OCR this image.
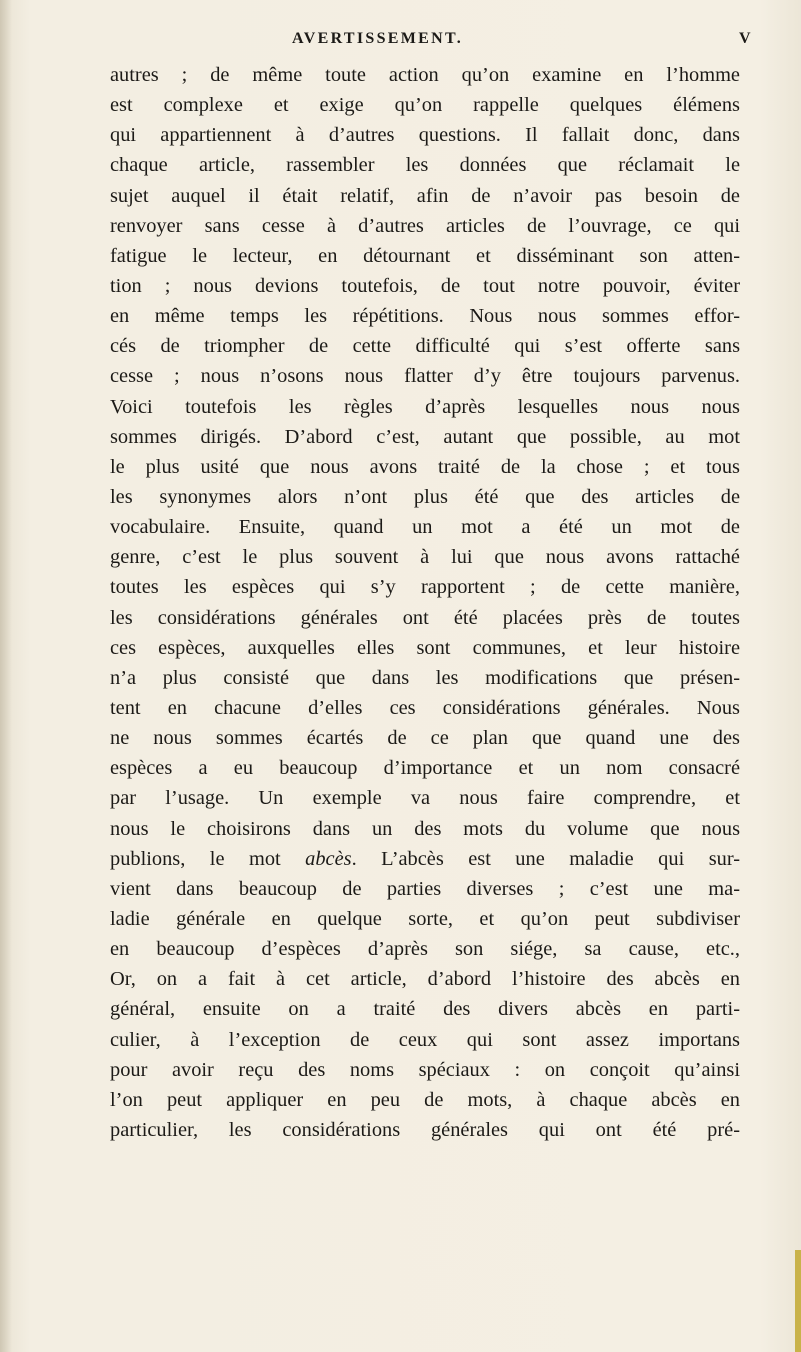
AVERTISSEMENT.	V
autres ; de même toute action qu’on examine en l’homme
est complexe et exige qu’on rappelle quelques élémens
qui appartiennent à d’autres questions. Il fallait donc, dans
chaque article, rassembler les données que réclamait le
sujet auquel il était relatif, afin de n’avoir pas besoin de
renvoyer sans cesse à d’autres articles de l’ouvrage, ce qui
fatigue le lecteur, en détournant et disséminant son atten-
tion ; nous devions toutefois, de tout notre pouvoir, éviter
en même temps les répétitions. Nous nous sommes effor-
cés de triompher de cette difficulté qui s’est offerte sans
cesse ; nous n’osons nous flatter d’y être toujours parvenus.
Voici toutefois les règles d’après lesquelles nous nous
sommes dirigés. D’abord c’est, autant que possible, au mot
le plus usité que nous avons traité de la chose ; et tous
les synonymes alors n’ont plus été que des articles de
vocabulaire. Ensuite, quand un mot a été un mot de
genre, c’est le plus souvent à lui que nous avons rattaché
toutes les espèces qui s’y rapportent ; de cette manière,
les considérations générales ont été placées près de toutes
ces espèces, auxquelles elles sont communes, et leur histoire
n’a plus consisté que dans les modifications que présen-
tent en chacune d’elles ces considérations générales. Nous
ne nous sommes écartés de ce plan que quand une des
espèces a eu beaucoup d’importance et un nom consacré
par l’usage. Un exemple va nous faire comprendre, et
nous le choisirons dans un des mots du volume que nous
publions, le mot abcès. L’abcès est une maladie qui sur-
vient dans beaucoup de parties diverses ; c’est une ma-
ladie générale en quelque sorte, et qu’on peut subdiviser
en beaucoup d’espèces d’après son siége, sa cause, etc.,
Or, on a fait à cet article, d’abord l’histoire des abcès en
général, ensuite on a traité des divers abcès en parti-
culier, à l’exception de ceux qui sont assez importans
pour avoir reçu des noms spéciaux : on conçoit qu’ainsi
l’on peut appliquer en peu de mots, à chaque abcès en
particulier, les considérations générales qui ont été pré-
